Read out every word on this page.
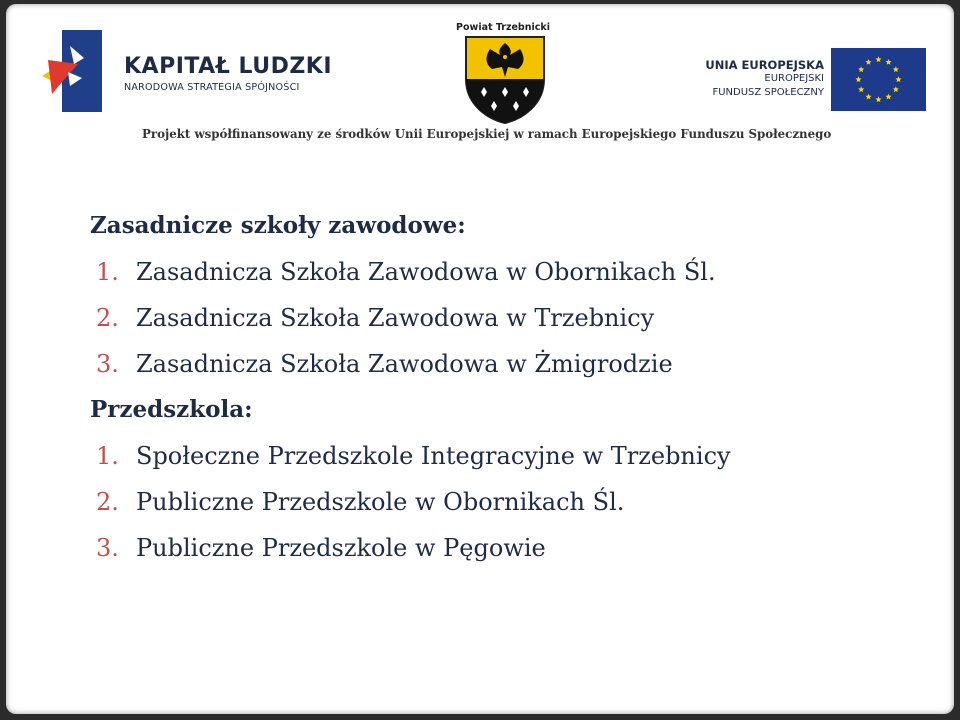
KAPITAŁ LUDZKI
NARODOWA STRATEGIA SPÓJNOŚCI
Powiat Trzebnicki
UNIA EUROPEJSKA
EUROPEJSKI
FUNDUSZ SPOŁECZNY
Projekt współfinansowany ze środków Unii Europejskiej w ramach Europejskiego Funduszu Społecznego
Zasadnicze szkoły zawodowe:
1. Zasadnicza Szkoła Zawodowa w Obornikach Śl.
2. Zasadnicza Szkoła Zawodowa w Trzebnicy
3. Zasadnicza Szkoła Zawodowa w Żmigrodzie
Przedszkola:
1. Społeczne Przedszkole Integracyjne w Trzebnicy
2. Publiczne Przedszkole w Obornikach Śl.
3. Publiczne Przedszkole w Pęgowie
